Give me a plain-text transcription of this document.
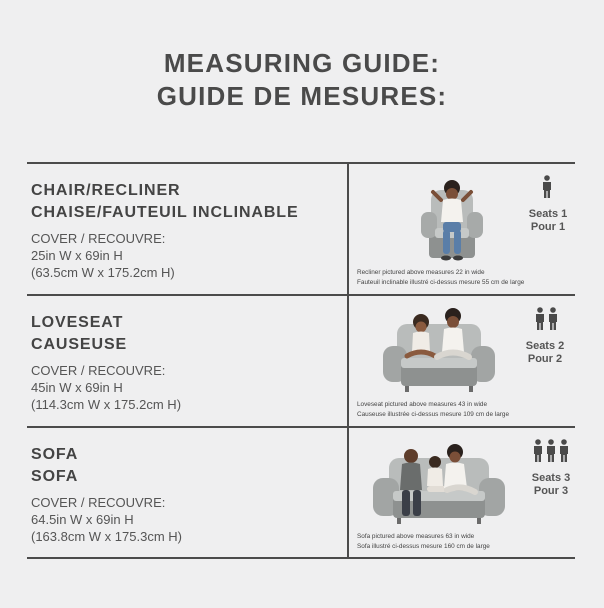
MEASURING GUIDE:
GUIDE DE MESURES:
CHAIR/RECLINER
CHAISE/FAUTEUIL INCLINABLE
COVER / RECOUVRE:
25in W x 69in H
(63.5cm W x 175.2cm H)
Seats 1
Pour 1
Recliner pictured above measures 22 in wide
Fauteuil inclinable illustré ci-dessus mesure 55 cm de large
LOVESEAT
CAUSEUSE
COVER / RECOUVRE:
45in W x 69in H
(114.3cm W x 175.2cm H)
Seats 2
Pour 2
Loveseat pictured above measures 43 in wide
Causeuse illustrée ci-dessus mesure 109 cm de large
SOFA
SOFA
COVER / RECOUVRE:
64.5in W x 69in H
(163.8cm W x 175.3cm H)
Seats 3
Pour 3
Sofa pictured above measures 63 in wide
Sofa illustré ci-dessus mesure 160 cm de large
